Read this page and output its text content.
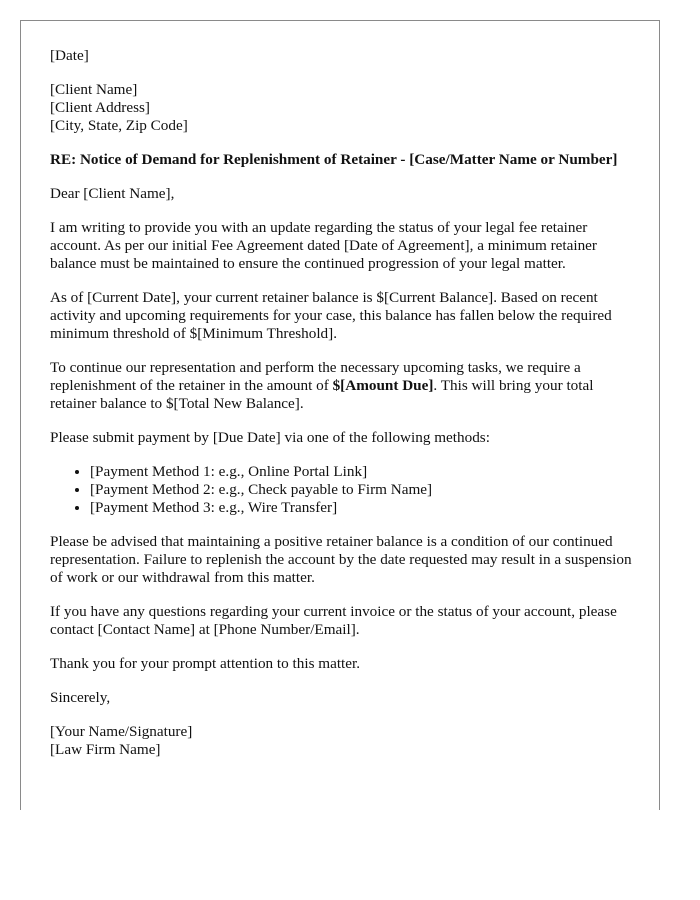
[Date]

[Client Name]
[Client Address]
[City, State, Zip Code]

RE: Notice of Demand for Replenishment of Retainer - [Case/Matter Name or Number]

Dear [Client Name],

I am writing to provide you with an update regarding the status of your legal fee retainer account. As per our initial Fee Agreement dated [Date of Agreement], a minimum retainer balance must be maintained to ensure the continued progression of your legal matter.

As of [Current Date], your current retainer balance is $[Current Balance]. Based on recent activity and upcoming requirements for your case, this balance has fallen below the required minimum threshold of $[Minimum Threshold].

To continue our representation and perform the necessary upcoming tasks, we require a replenishment of the retainer in the amount of $[Amount Due]. This will bring your total retainer balance to $[Total New Balance].

Please submit payment by [Due Date] via one of the following methods:

• [Payment Method 1: e.g., Online Portal Link]
• [Payment Method 2: e.g., Check payable to Firm Name]
• [Payment Method 3: e.g., Wire Transfer]

Please be advised that maintaining a positive retainer balance is a condition of our continued representation. Failure to replenish the account by the date requested may result in a suspension of work or our withdrawal from this matter.

If you have any questions regarding your current invoice or the status of your account, please contact [Contact Name] at [Phone Number/Email].

Thank you for your prompt attention to this matter.

Sincerely,

[Your Name/Signature]
[Law Firm Name]
